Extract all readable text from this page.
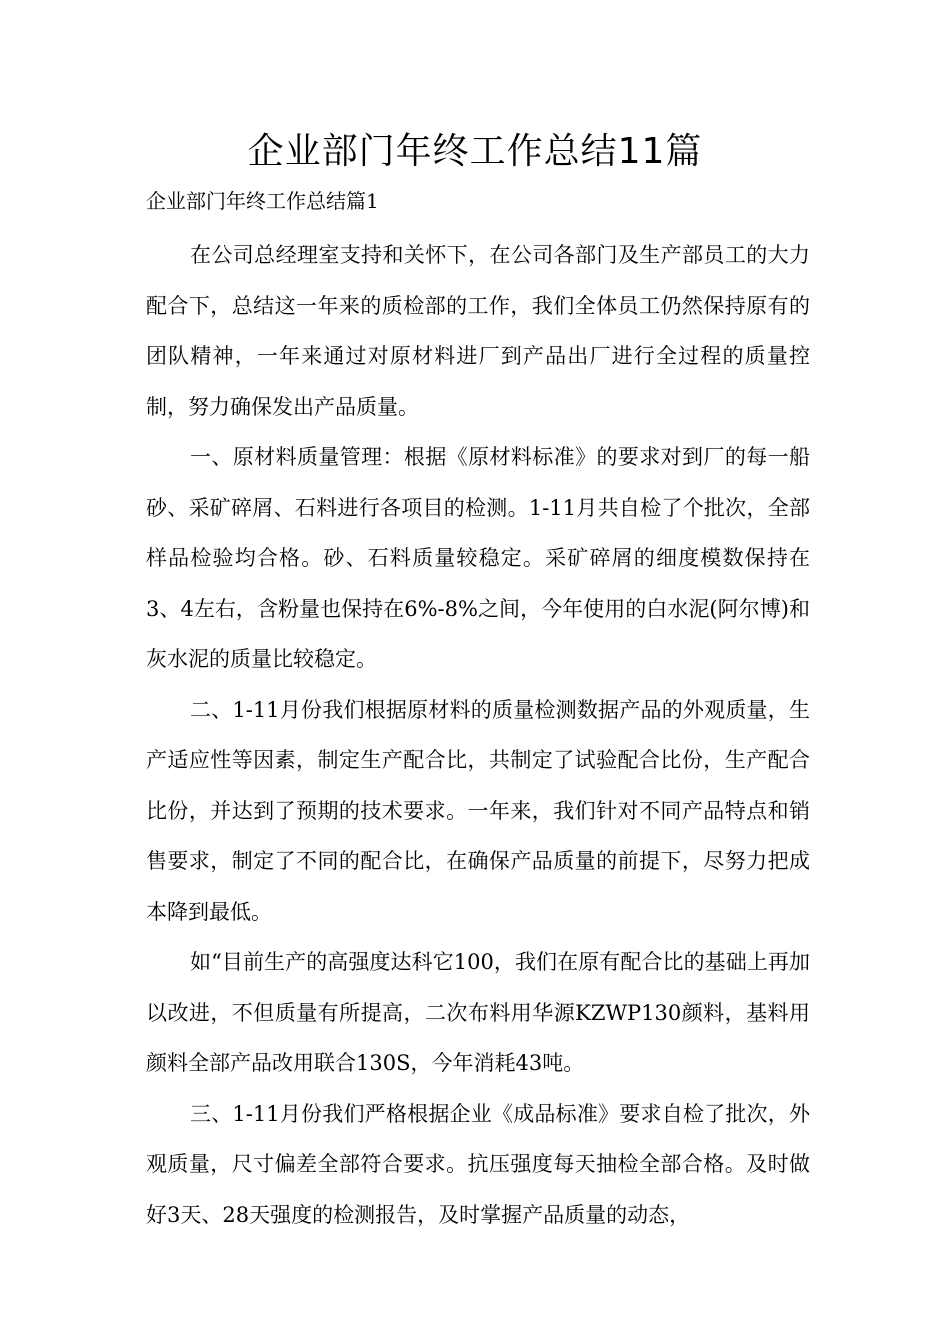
企业部门年终工作总结11篇
企业部门年终工作总结篇1

在公司总经理室支持和关怀下，在公司各部门及生产部员工的大力配合下，总结这一年来的质检部的工作，我们全体员工仍然保持原有的团队精神，一年来通过对原材料进厂到产品出厂进行全过程的质量控制，努力确保发出产品质量。

一、原材料质量管理：根据《原材料标准》的要求对到厂的每一船砂、采矿碎屑、石料进行各项目的检测。1-11月共自检了个批次，全部样品检验均合格。砂、石料质量较稳定。采矿碎屑的细度模数保持在3、4左右，含粉量也保持在6%-8%之间，今年使用的白水泥(阿尔博)和灰水泥的质量比较稳定。

二、1-11月份我们根据原材料的质量检测数据产品的外观质量，生产适应性等因素，制定生产配合比，共制定了试验配合比份，生产配合比份，并达到了预期的技术要求。一年来，我们针对不同产品特点和销售要求，制定了不同的配合比，在确保产品质量的前提下，尽努力把成本降到最低。

如“目前生产的高强度达科它100，我们在原有配合比的基础上再加以改进，不但质量有所提高，二次布料用华源KZWP130颜料，基料用颜料全部产品改用联合130S，今年消耗43吨。

三、1-11月份我们严格根据企业《成品标准》要求自检了批次，外观质量，尺寸偏差全部符合要求。抗压强度每天抽检全部合格。及时做好3天、28天强度的检测报告，及时掌握产品质量的动态，
